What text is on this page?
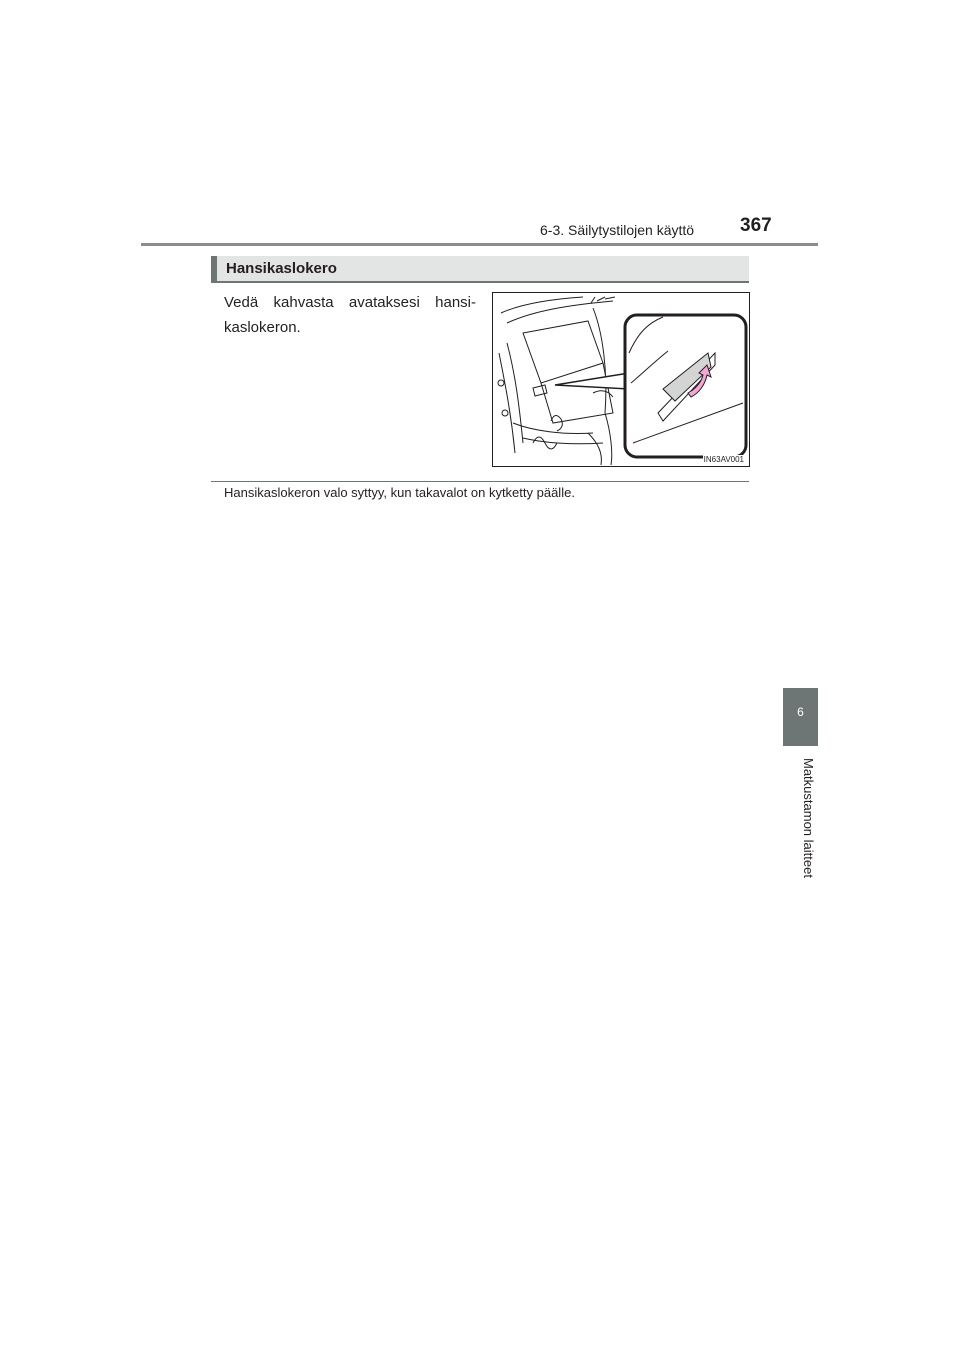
6-3. Säilytystilojen käyttö 367
Hansikaslokero
Vedä kahvasta avataksesi hansi-kaslokeron.
IN63AV001
Hansikaslokeron valo syttyy, kun takavalot on kytketty päälle.
6
Matkustamon laitteet
